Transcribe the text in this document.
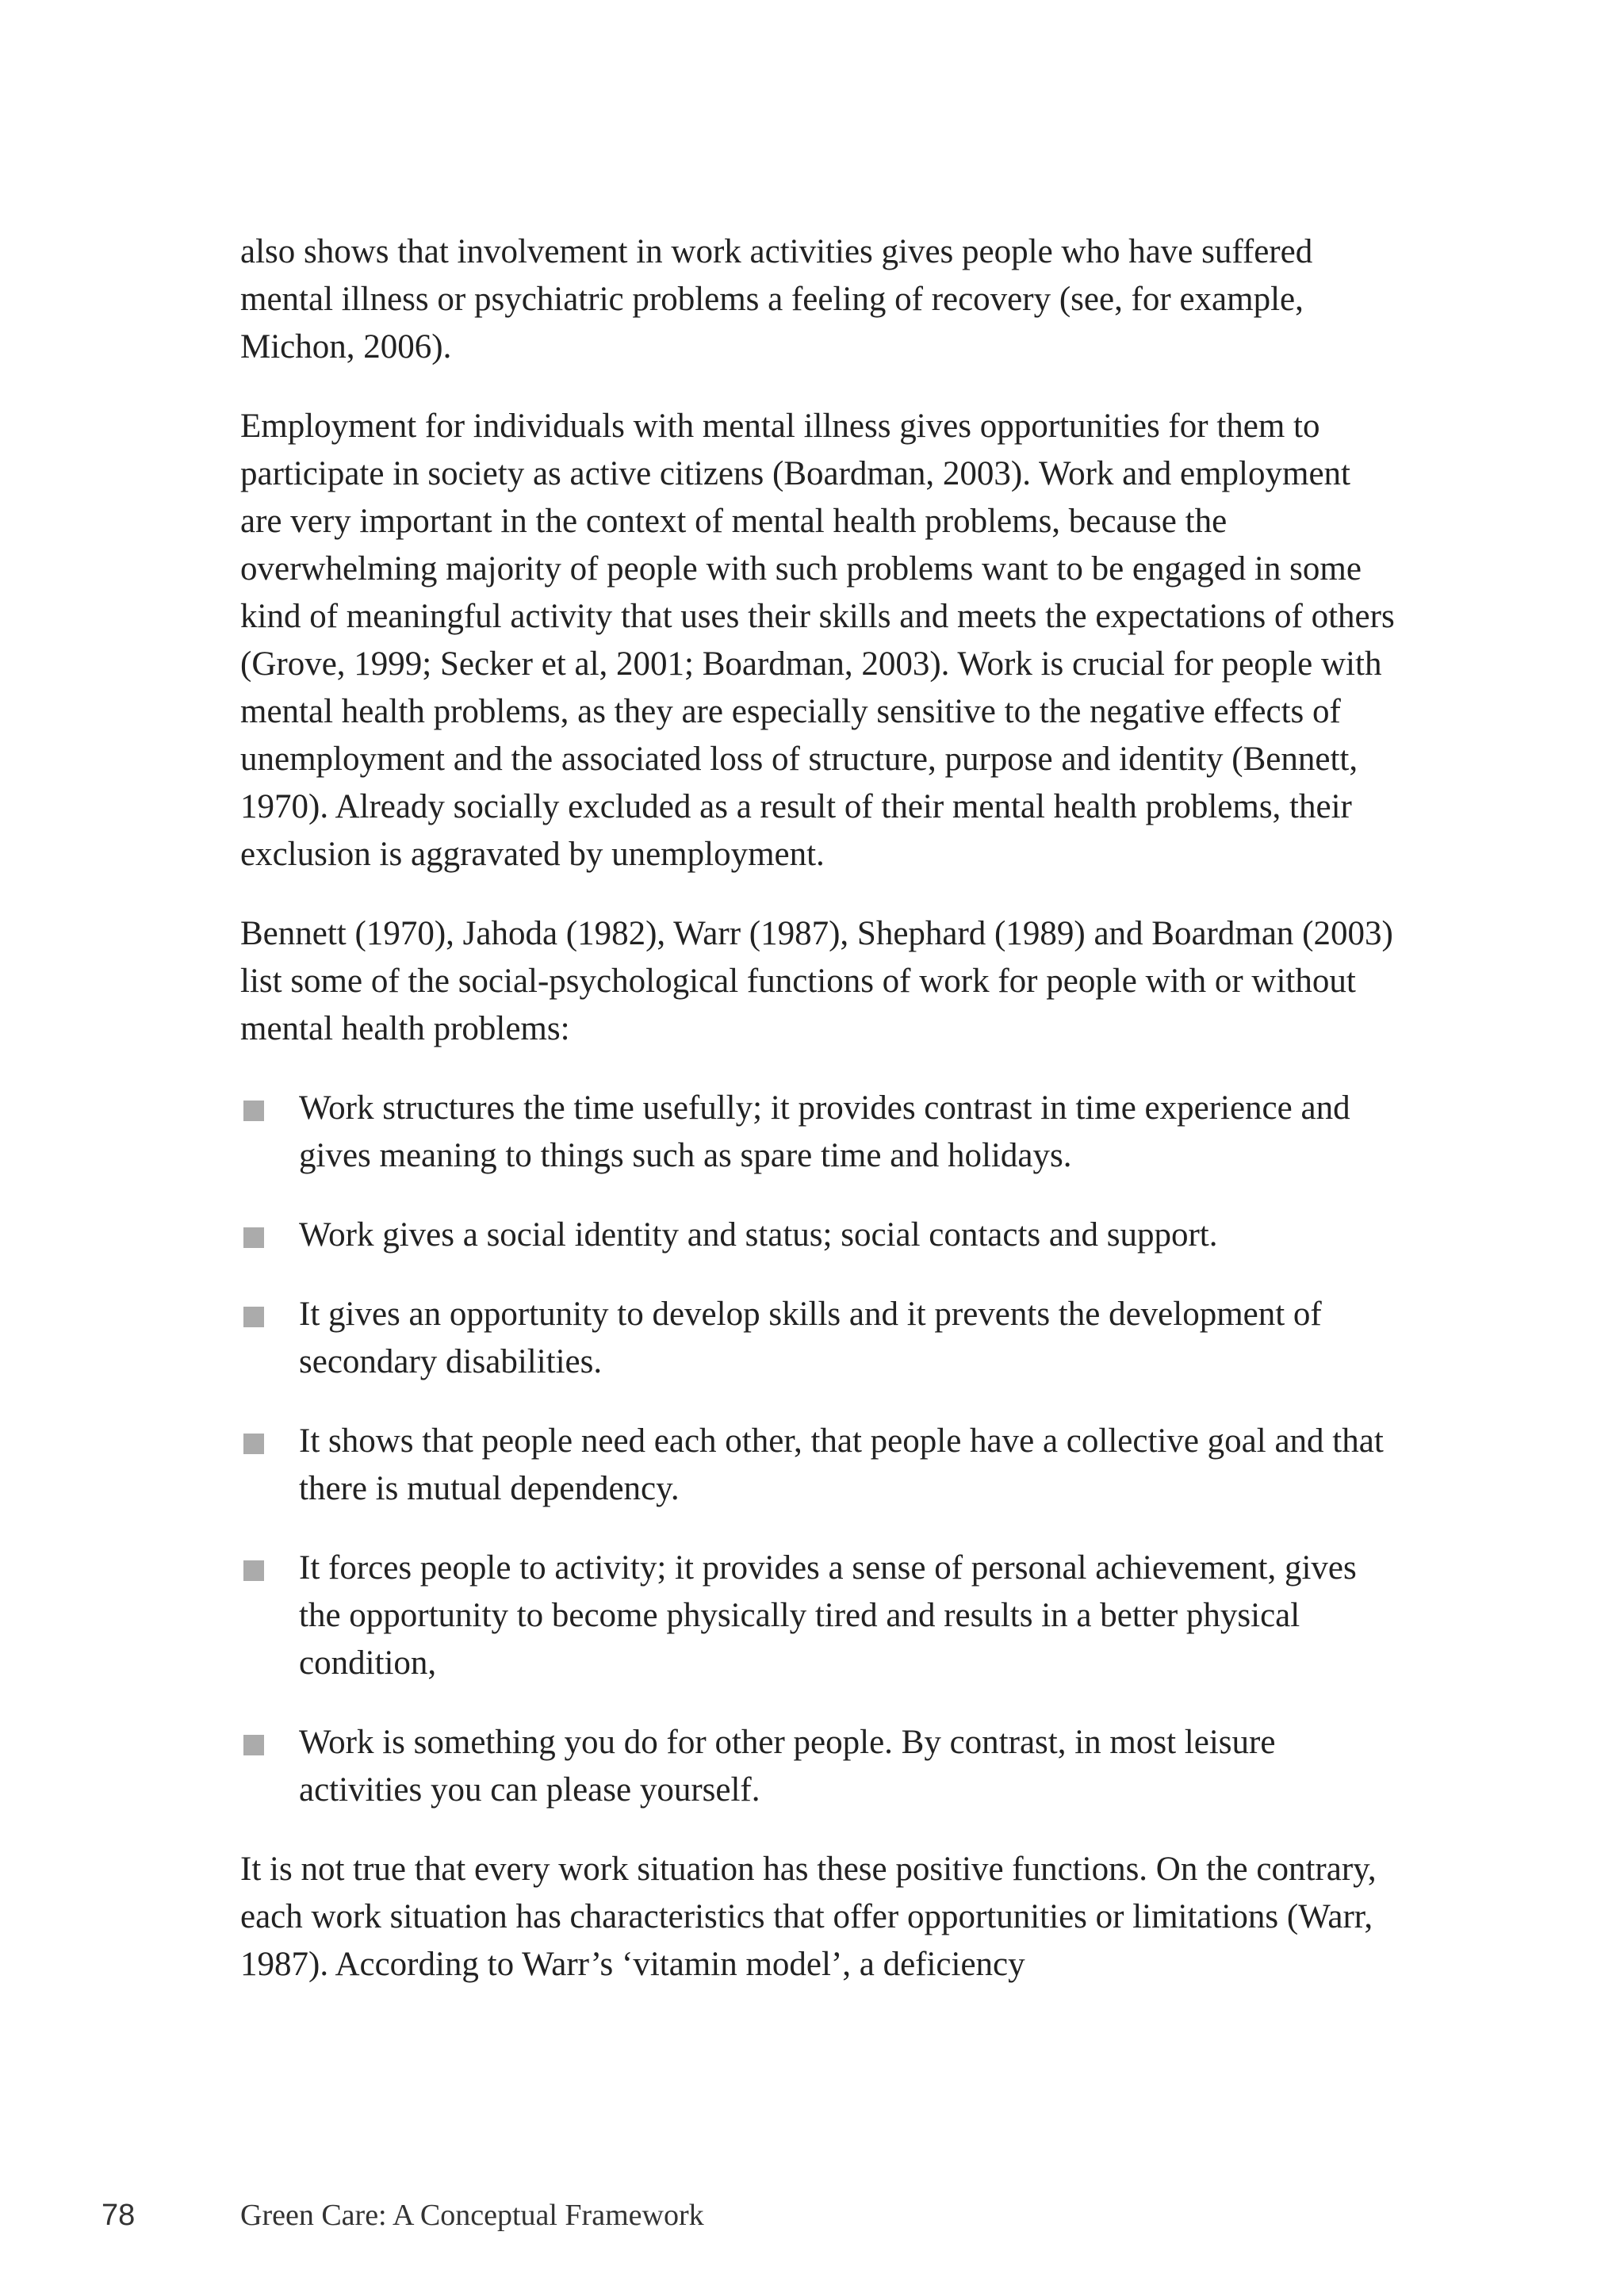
also shows that involvement in work activities gives people who have suffered mental illness or psychiatric problems a feeling of recovery (see, for example, Michon, 2006).

Employment for individuals with mental illness gives opportunities for them to participate in society as active citizens (Boardman, 2003). Work and employment are very important in the context of mental health problems, because the overwhelming majority of people with such problems want to be engaged in some kind of meaningful activity that uses their skills and meets the expectations of others (Grove, 1999; Secker et al, 2001; Boardman, 2003). Work is crucial for people with mental health problems, as they are especially sensitive to the negative effects of unemployment and the associated loss of structure, purpose and identity (Bennett, 1970). Already socially excluded as a result of their mental health problems, their exclusion is aggravated by unemployment.

Bennett (1970), Jahoda (1982), Warr (1987), Shephard (1989) and Boardman (2003) list some of the social-psychological functions of work for people with or without mental health problems:

Work structures the time usefully; it provides contrast in time experience and gives meaning to things such as spare time and holidays.
Work gives a social identity and status; social contacts and support.
It gives an opportunity to develop skills and it prevents the development of secondary disabilities.
It shows that people need each other, that people have a collective goal and that there is mutual dependency.
It forces people to activity; it provides a sense of personal achievement, gives the opportunity to become physically tired and results in a better physical condition,
Work is something you do for other people. By contrast, in most leisure activities you can please yourself.

It is not true that every work situation has these positive functions. On the contrary, each work situation has characteristics that offer opportunities or limitations (Warr, 1987). According to Warr’s ‘vitamin model’, a deficiency

78	Green Care: A Conceptual Framework
